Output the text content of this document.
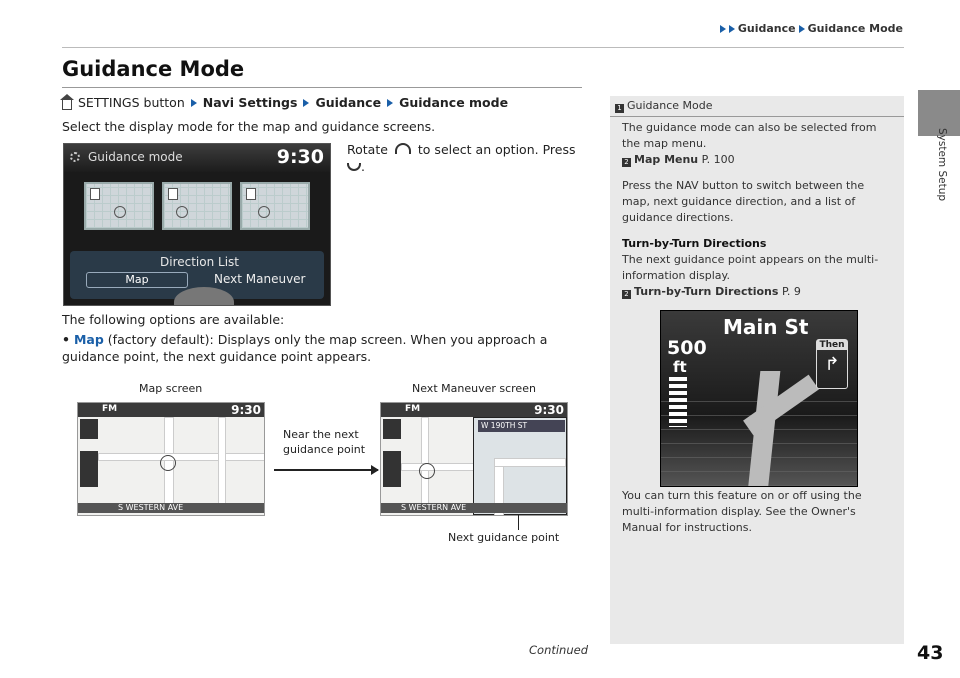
Guidance Guidance Mode
System Setup
Guidance Mode
SETTINGS button Navi Settings Guidance Guidance mode
Select the display mode for the map and guidance screens.
Guidance mode	9:30
Direction List
Map	Next Maneuver
Rotate to select an option. Press .
The following options are available:
• Map (factory default): Displays only the map screen. When you approach a guidance point, the next guidance point appears.
Map screen	Next Maneuver screen
FM	9:30
S WESTERN AVE
Near the next guidance point
FM	9:30
W 190TH ST
S WESTERN AVE
Next guidance point
1 Guidance Mode
The guidance mode can also be selected from the map menu.
2 Map Menu P. 100
Press the NAV button to switch between the map, next guidance direction, and a list of guidance directions.
Turn-by-Turn Directions
The next guidance point appears on the multi-information display.
2 Turn-by-Turn Directions P. 9
Main St
500
ft
Then
↱
You can turn this feature on or off using the multi-information display. See the Owner's Manual for instructions.
Continued	43
